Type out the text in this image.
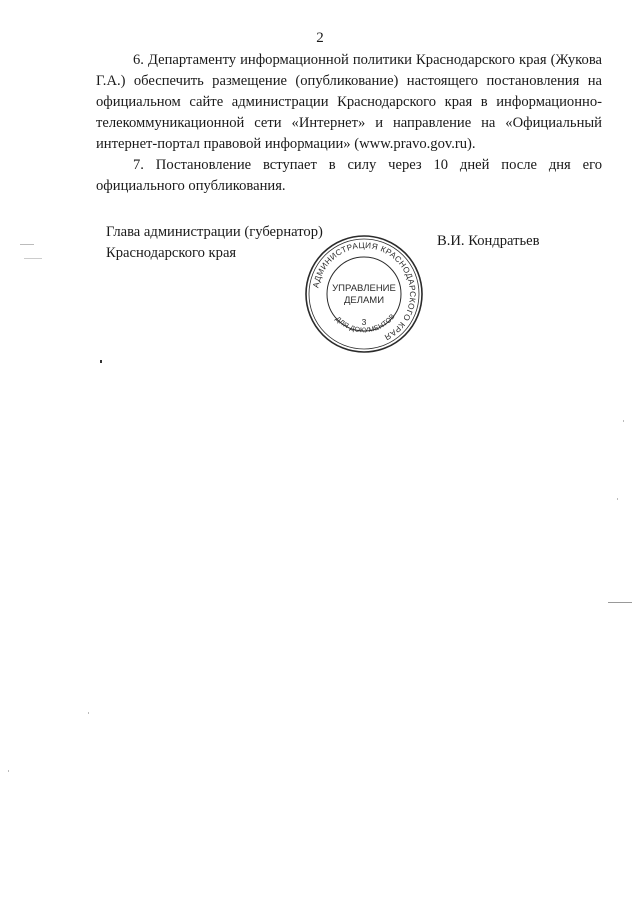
2

6. Департаменту информационной политики Краснодарского края (Жукова Г.А.) обеспечить размещение (опубликование) настоящего постановления на официальном сайте администрации Краснодарского края в информационно-телекоммуникационной сети «Интернет» и направление на «Официальный интернет-портал правовой информации» (www.pravo.gov.ru).

7. Постановление вступает в силу через 10 дней после дня его официального опубликования.

Глава администрации (губернатор)
Краснодарского края
В.И. Кондратьев
АДМИНИСТРАЦИЯ КРАСНОДАРСКОГО КРАЯ
ДЛЯ ДОКУМЕНТОВ
УПРАВЛЕНИЕ
ДЕЛАМИ
3
